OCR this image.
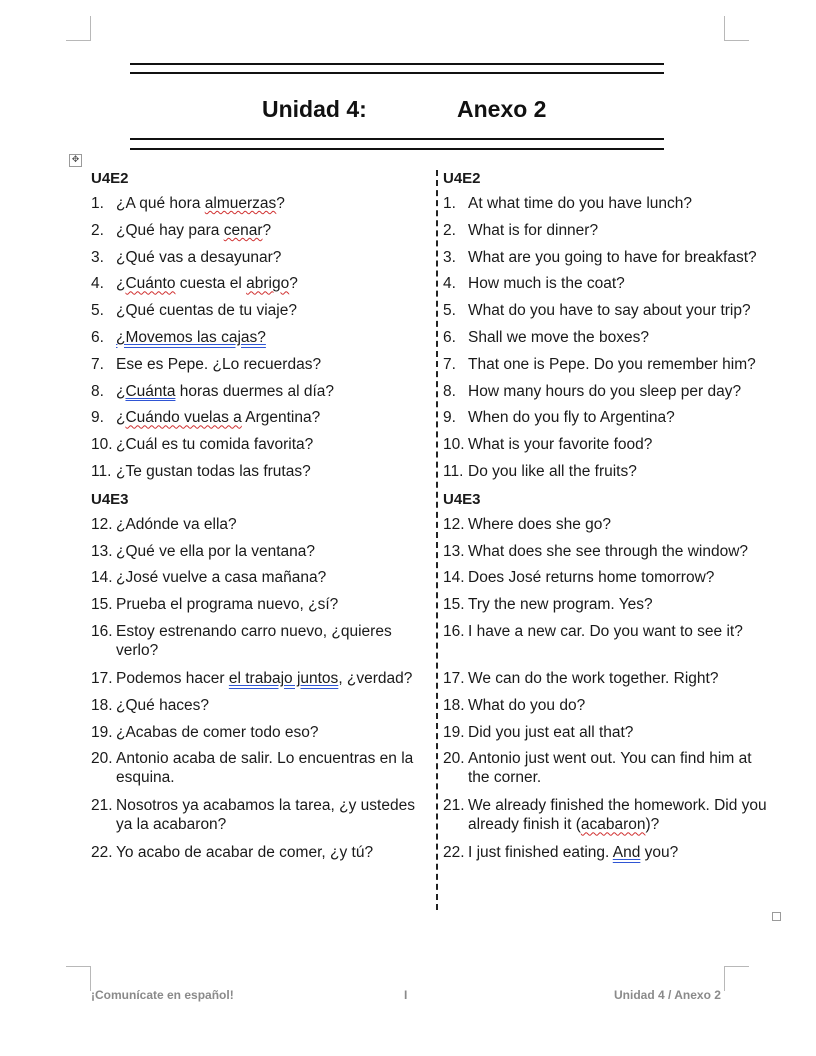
Unidad 4:	Anexo 2
✥
U4E2
1. ¿A qué hora almuerzas?
2. ¿Qué hay para cenar?
3. ¿Qué vas a desayunar?
4. ¿Cuánto cuesta el abrigo?
5. ¿Qué cuentas de tu viaje?
6. ¿Movemos las cajas?
7. Ese es Pepe. ¿Lo recuerdas?
8. ¿Cuánta horas duermes al día?
9. ¿Cuándo vuelas a Argentina?
10. ¿Cuál es tu comida favorita?
11. ¿Te gustan todas las frutas?
U4E3
12. ¿Adónde va ella?
13. ¿Qué ve ella por la ventana?
14. ¿José vuelve a casa mañana?
15. Prueba el programa nuevo, ¿sí?
16. Estoy estrenando carro nuevo, ¿quieres verlo?
17. Podemos hacer el trabajo juntos, ¿verdad?
18. ¿Qué haces?
19. ¿Acabas de comer todo eso?
20. Antonio acaba de salir. Lo encuentras en la esquina.
21. Nosotros ya acabamos la tarea, ¿y ustedes ya la acabaron?
22. Yo acabo de acabar de comer, ¿y tú?
U4E2
1. At what time do you have lunch?
2. What is for dinner?
3. What are you going to have for breakfast?
4. How much is the coat?
5. What do you have to say about your trip?
6. Shall we move the boxes?
7. That one is Pepe. Do you remember him?
8. How many hours do you sleep per day?
9. When do you fly to Argentina?
10. What is your favorite food?
11. Do you like all the fruits?
U4E3
12. Where does she go?
13. What does she see through the window?
14. Does José returns home tomorrow?
15. Try the new program. Yes?
16. I have a new car. Do you want to see it?
17. We can do the work together. Right?
18. What do you do?
19. Did you just eat all that?
20. Antonio just went out. You can find him at the corner.
21. We already finished the homework. Did you already finish it (acabaron)?
22. I just finished eating. And you?
¡Comunícate en español!	I	Unidad 4 / Anexo 2
